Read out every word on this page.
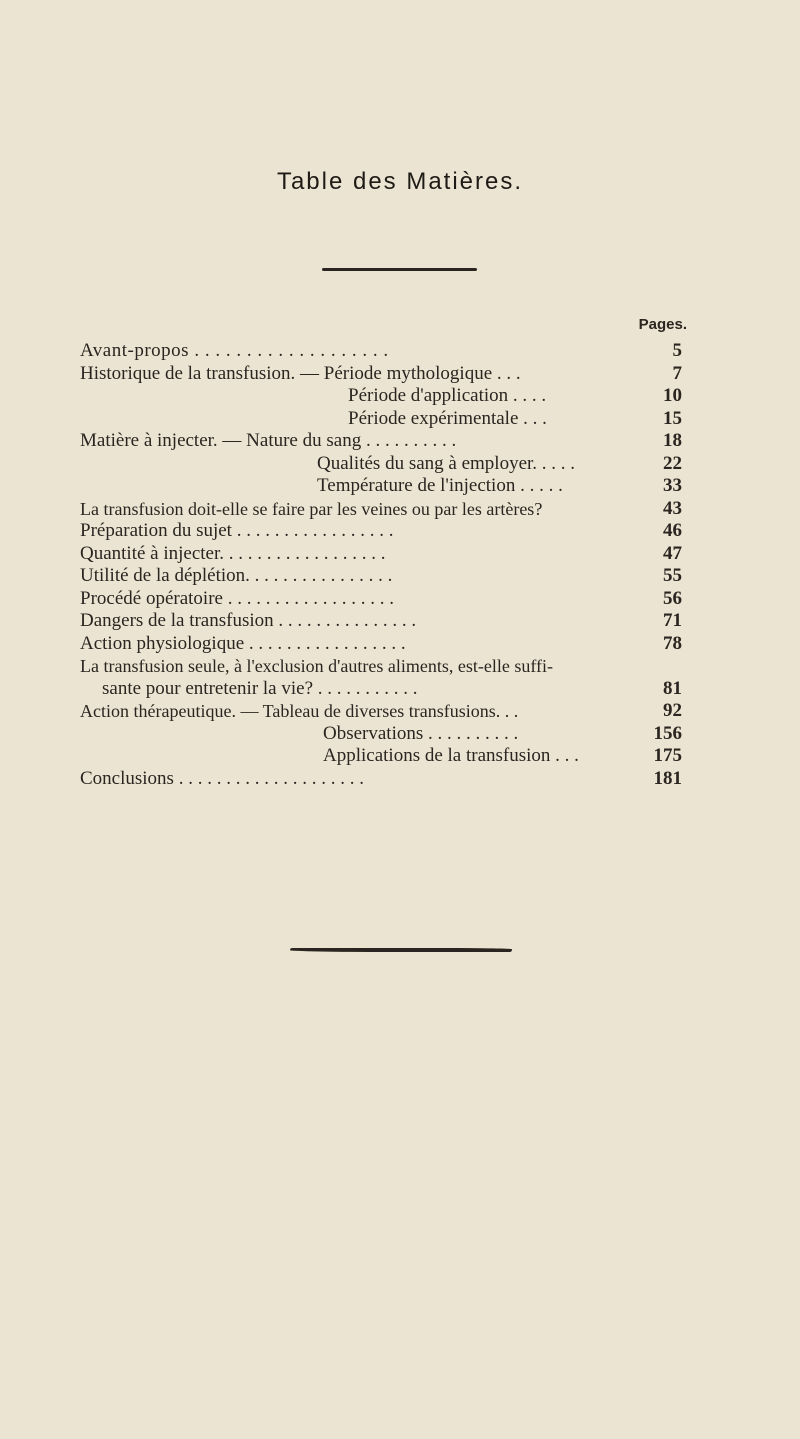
Table des Matières.
Pages.
Avant-propos . . . . . . . . . . . . . . . . . . .	5
Historique de la transfusion. — Période mythologique . . .	7
Période d'application . . . .	10
Période expérimentale . . .	15
Matière à injecter. — Nature du sang . . . . . . . . . .	18
Qualités du sang à employer. . . . .	22
Température de l'injection . . . . .	33
La transfusion doit-elle se faire par les veines ou par les artères?	43
Préparation du sujet . . . . . . . . . . . . . . . . .	46
Quantité à injecter. . . . . . . . . . . . . . . . . .	47
Utilité de la déplétion. . . . . . . . . . . . . . . .	55
Procédé opératoire . . . . . . . . . . . . . . . . . .	56
Dangers de la transfusion . . . . . . . . . . . . . . .	71
Action physiologique . . . . . . . . . . . . . . . . .	78
La transfusion seule, à l'exclusion d'autres aliments, est-elle suffi-
sante pour entretenir la vie? . . . . . . . . . . .	81
Action thérapeutique. — Tableau de diverses transfusions. . .	92
Observations . . . . . . . . . .	156
Applications de la transfusion . . .	175
Conclusions . . . . . . . . . . . . . . . . . . . .	181
